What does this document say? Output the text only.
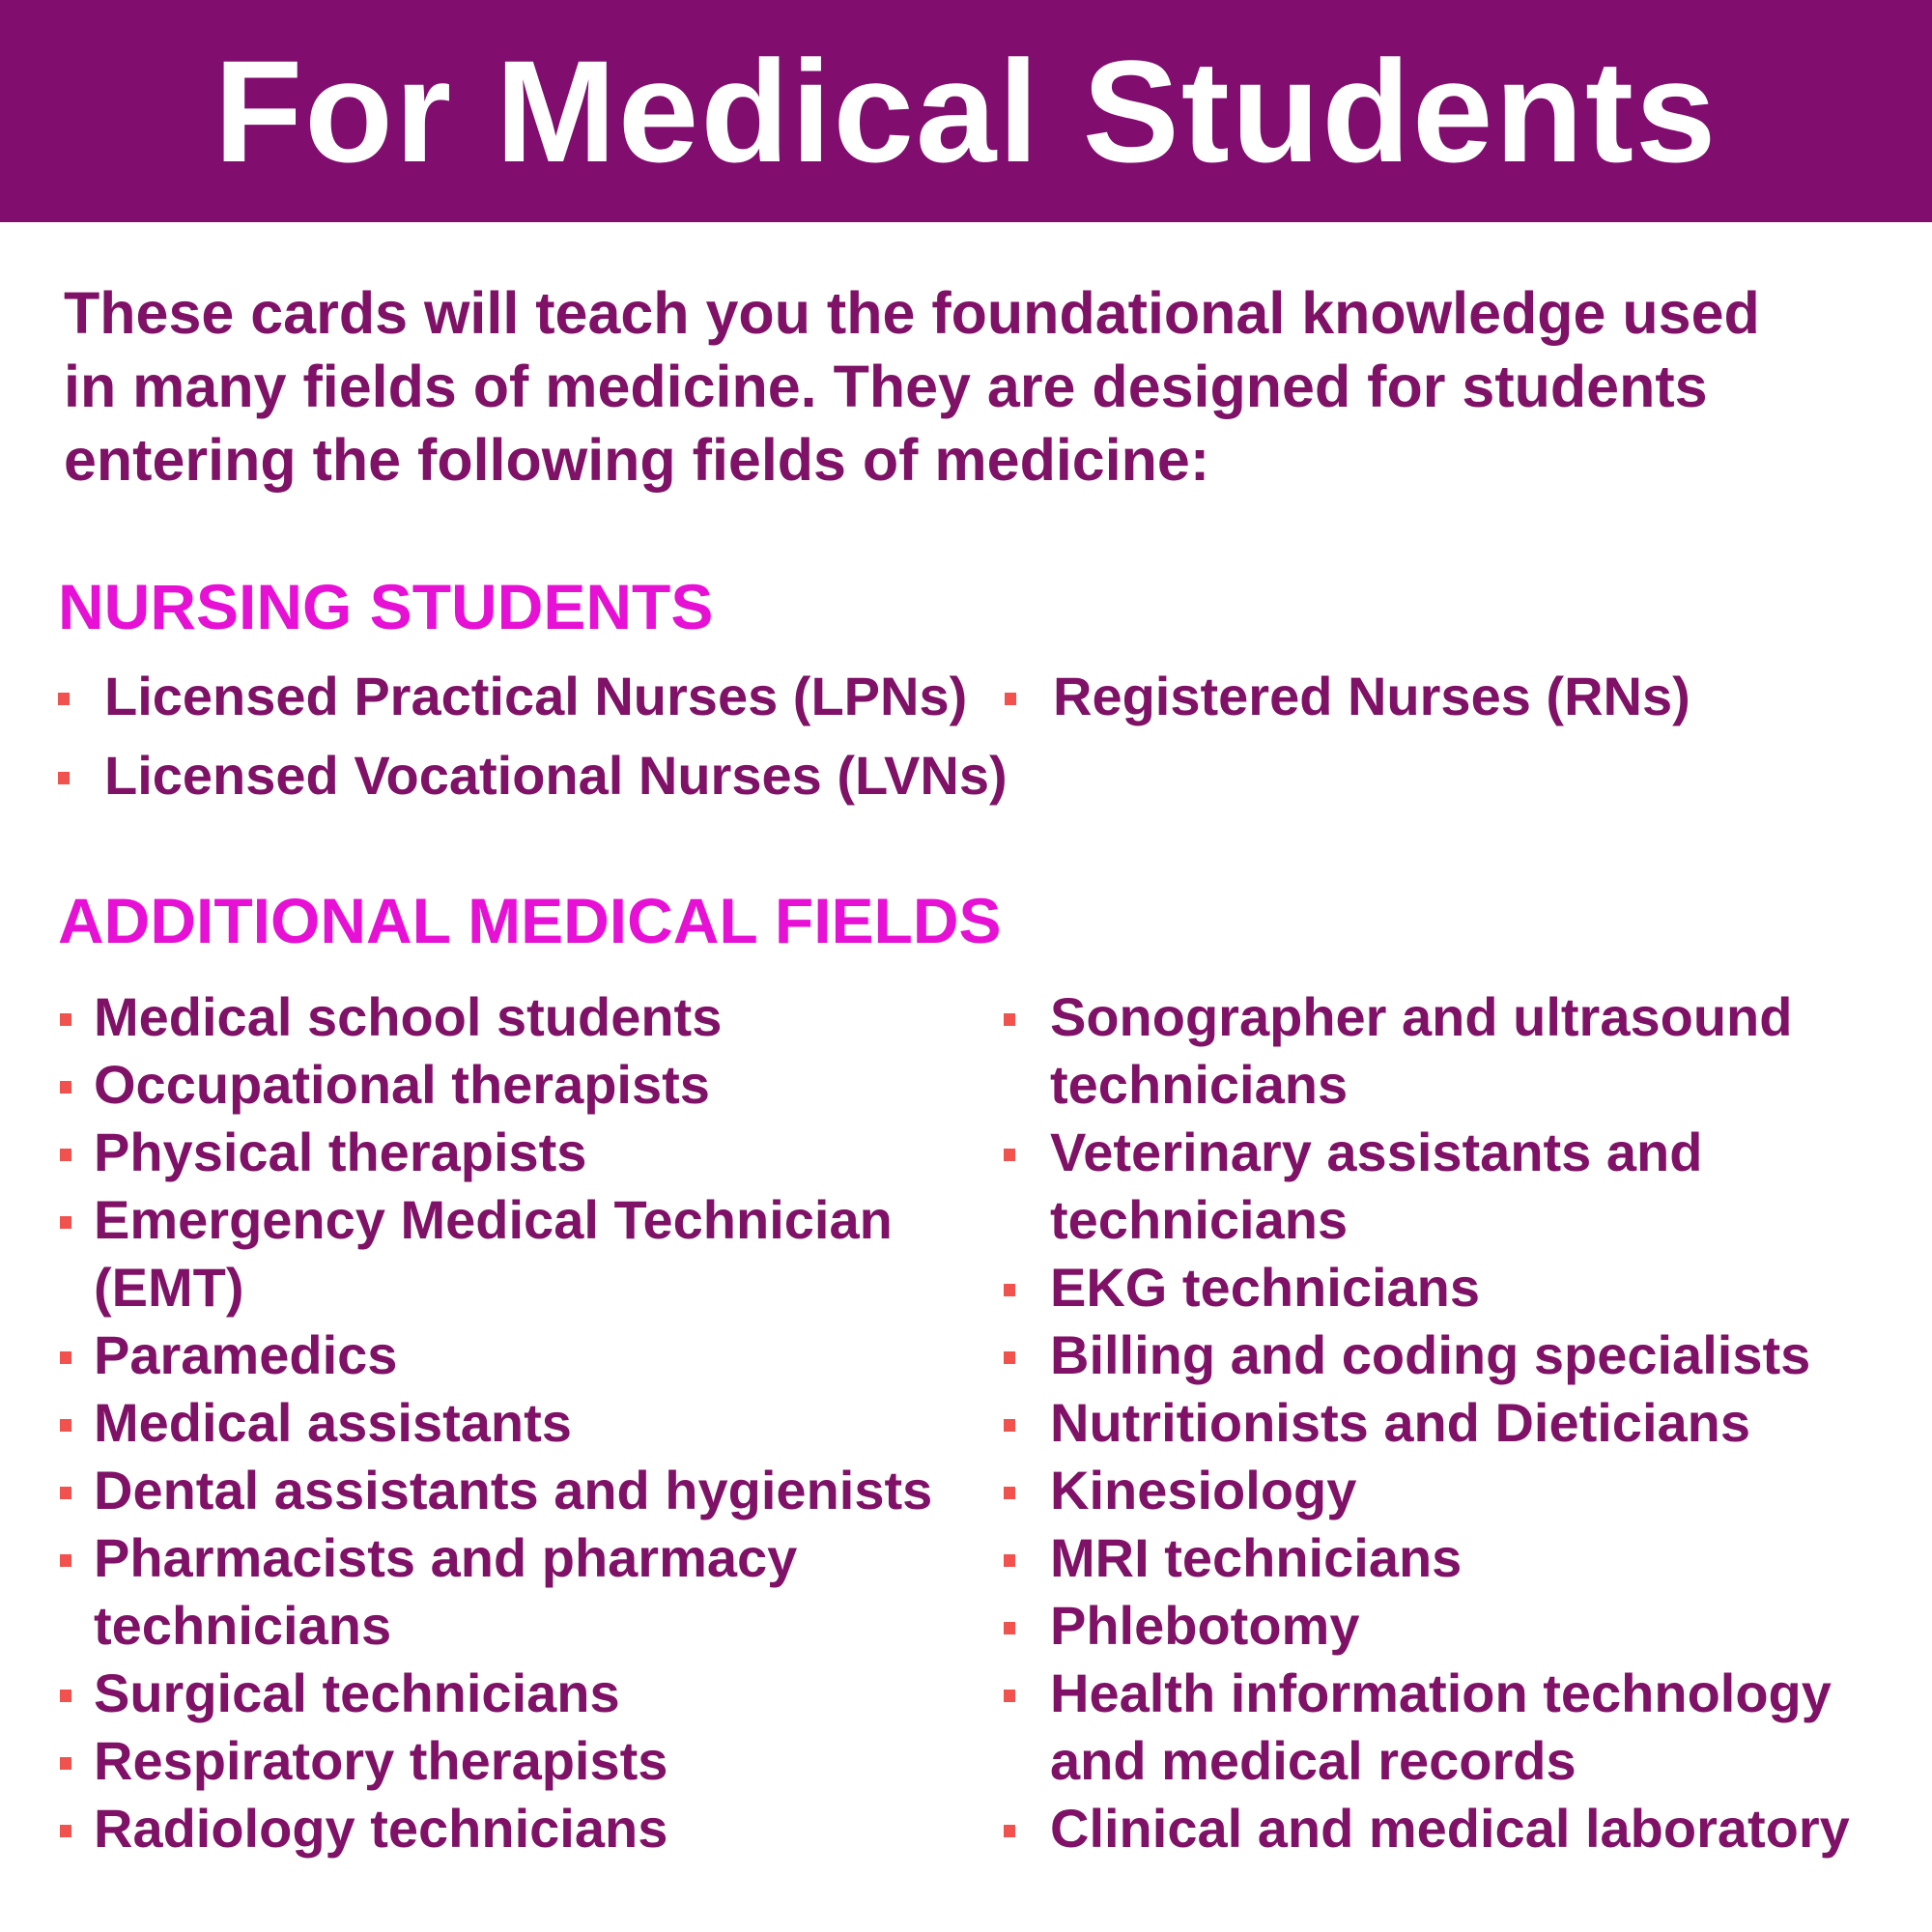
For Medical Students
These cards will teach you the foundational knowledge used
in many fields of medicine. They are designed for students
entering the following fields of medicine:
NURSING STUDENTS
Licensed Practical Nurses (LPNs)
Licensed Vocational Nurses (LVNs)
Registered Nurses (RNs)
ADDITIONAL MEDICAL FIELDS
Medical school students
Occupational therapists
Physical therapists
Emergency Medical Technician
(EMT)
Paramedics
Medical assistants
Dental assistants and hygienists
Pharmacists and pharmacy
technicians
Surgical technicians
Respiratory therapists
Radiology technicians
Sonographer and ultrasound
technicians
Veterinary assistants and
technicians
EKG technicians
Billing and coding specialists
Nutritionists and Dieticians
Kinesiology
MRI technicians
Phlebotomy
Health information technology
and medical records
Clinical and medical laboratory
